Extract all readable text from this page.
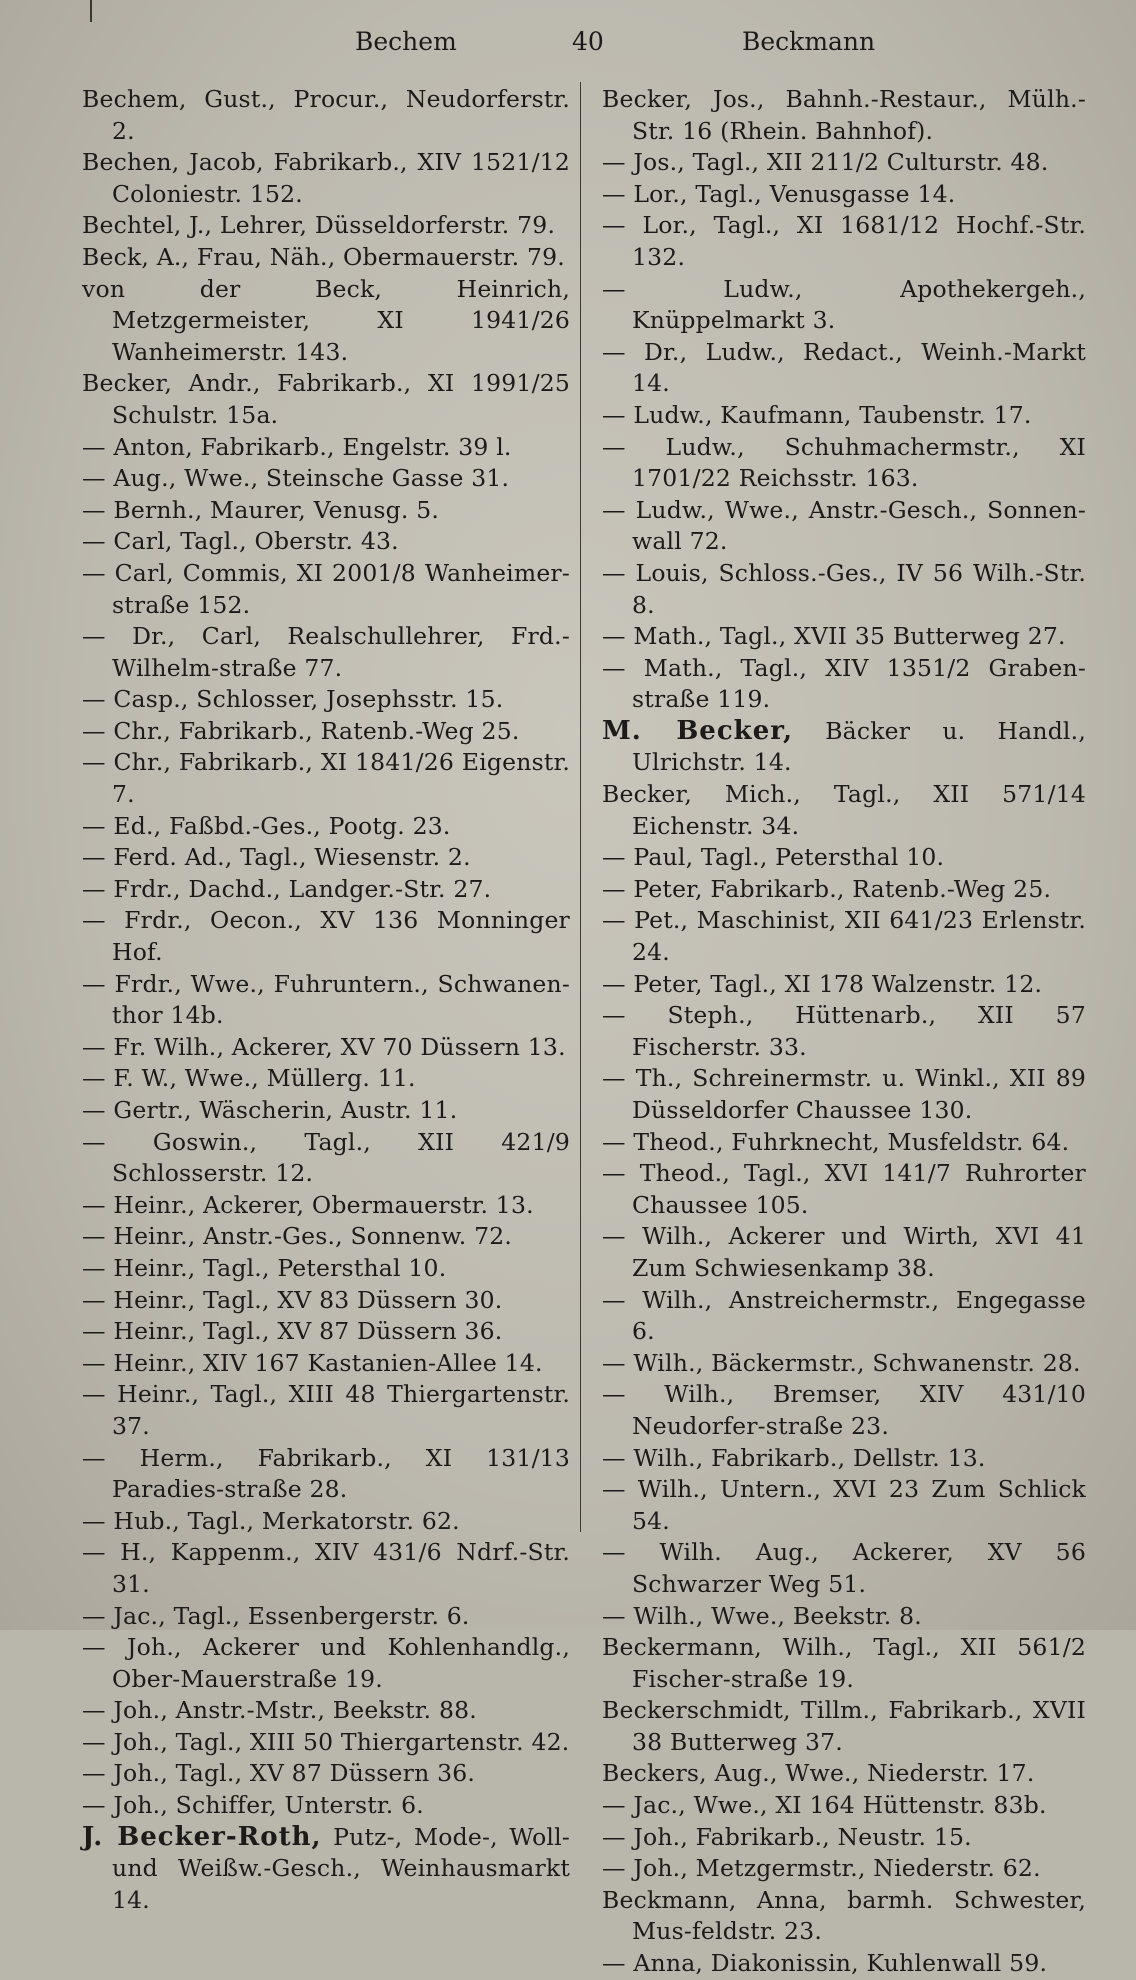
Bechem	40	Beckmann
Bechem, Gust., Procur., Neudorferstr. 2.
Bechen, Jacob, Fabrikarb., XIV 1521/12 Coloniestr. 152.
Bechtel, J., Lehrer, Düsseldorferstr. 79.
Beck, A., Frau, Näh., Obermauerstr. 79.
von der Beck, Heinrich, Metzgermeister, XI 1941/26 Wanheimerstr. 143.
Becker, Andr., Fabrikarb., XI 1991/25 Schulstr. 15a.
— Anton, Fabrikarb., Engelstr. 39 l.
— Aug., Wwe., Steinsche Gasse 31.
— Bernh., Maurer, Venusg. 5.
— Carl, Tagl., Oberstr. 43.
— Carl, Commis, XI 2001/8 Wanheimer-straße 152.
— Dr., Carl, Realschullehrer, Frd.-Wilhelm-straße 77.
— Casp., Schlosser, Josephsstr. 15.
— Chr., Fabrikarb., Ratenb.-Weg 25.
— Chr., Fabrikarb., XI 1841/26 Eigenstr. 7.
— Ed., Faßbd.-Ges., Pootg. 23.
— Ferd. Ad., Tagl., Wiesenstr. 2.
— Frdr., Dachd., Landger.-Str. 27.
— Frdr., Oecon., XV 136 Monninger Hof.
— Frdr., Wwe., Fuhruntern., Schwanen-thor 14b.
— Fr. Wilh., Ackerer, XV 70 Düssern 13.
— F. W., Wwe., Müllerg. 11.
— Gertr., Wäscherin, Austr. 11.
— Goswin., Tagl., XII 421/9 Schlosserstr. 12.
— Heinr., Ackerer, Obermauerstr. 13.
— Heinr., Anstr.-Ges., Sonnenw. 72.
— Heinr., Tagl., Petersthal 10.
— Heinr., Tagl., XV 83 Düssern 30.
— Heinr., Tagl., XV 87 Düssern 36.
— Heinr., XIV 167 Kastanien-Allee 14.
— Heinr., Tagl., XIII 48 Thiergartenstr. 37.
— Herm., Fabrikarb., XI 131/13 Paradies-straße 28.
— Hub., Tagl., Merkatorstr. 62.
— H., Kappenm., XIV 431/6 Ndrf.-Str. 31.
— Jac., Tagl., Essenbergerstr. 6.
— Joh., Ackerer und Kohlenhandlg., Ober-Mauerstraße 19.
— Joh., Anstr.-Mstr., Beekstr. 88.
— Joh., Tagl., XIII 50 Thiergartenstr. 42.
— Joh., Tagl., XV 87 Düssern 36.
— Joh., Schiffer, Unterstr. 6.
J. Becker-Roth, Putz-, Mode-, Woll- und Weißw.-Gesch., Weinhausmarkt 14.
Becker, Jos., Bahnh.-Restaur., Mülh.-Str. 16 (Rhein. Bahnhof).
— Jos., Tagl., XII 211/2 Culturstr. 48.
— Lor., Tagl., Venusgasse 14.
— Lor., Tagl., XI 1681/12 Hochf.-Str. 132.
— Ludw., Apothekergeh., Knüppelmarkt 3.
— Dr., Ludw., Redact., Weinh.-Markt 14.
— Ludw., Kaufmann, Taubenstr. 17.
— Ludw., Schuhmachermstr., XI 1701/22 Reichsstr. 163.
— Ludw., Wwe., Anstr.-Gesch., Sonnen-wall 72.
— Louis, Schloss.-Ges., IV 56 Wilh.-Str. 8.
— Math., Tagl., XVII 35 Butterweg 27.
— Math., Tagl., XIV 1351/2 Graben-straße 119.
M. Becker, Bäcker u. Handl., Ulrichstr. 14.
Becker, Mich., Tagl., XII 571/14 Eichenstr. 34.
— Paul, Tagl., Petersthal 10.
— Peter, Fabrikarb., Ratenb.-Weg 25.
— Pet., Maschinist, XII 641/23 Erlenstr. 24.
— Peter, Tagl., XI 178 Walzenstr. 12.
— Steph., Hüttenarb., XII 57 Fischerstr. 33.
— Th., Schreinermstr. u. Winkl., XII 89 Düsseldorfer Chaussee 130.
— Theod., Fuhrknecht, Musfeldstr. 64.
— Theod., Tagl., XVI 141/7 Ruhrorter Chaussee 105.
— Wilh., Ackerer und Wirth, XVI 41 Zum Schwiesenkamp 38.
— Wilh., Anstreichermstr., Engegasse 6.
— Wilh., Bäckermstr., Schwanenstr. 28.
— Wilh., Bremser, XIV 431/10 Neudorfer-straße 23.
— Wilh., Fabrikarb., Dellstr. 13.
— Wilh., Untern., XVI 23 Zum Schlick 54.
— Wilh. Aug., Ackerer, XV 56 Schwarzer Weg 51.
— Wilh., Wwe., Beekstr. 8.
Beckermann, Wilh., Tagl., XII 561/2 Fischer-straße 19.
Beckerschmidt, Tillm., Fabrikarb., XVII 38 Butterweg 37.
Beckers, Aug., Wwe., Niederstr. 17.
— Jac., Wwe., XI 164 Hüttenstr. 83b.
— Joh., Fabrikarb., Neustr. 15.
— Joh., Metzgermstr., Niederstr. 62.
Beckmann, Anna, barmh. Schwester, Mus-feldstr. 23.
— Anna, Diakonissin, Kuhlenwall 59.
